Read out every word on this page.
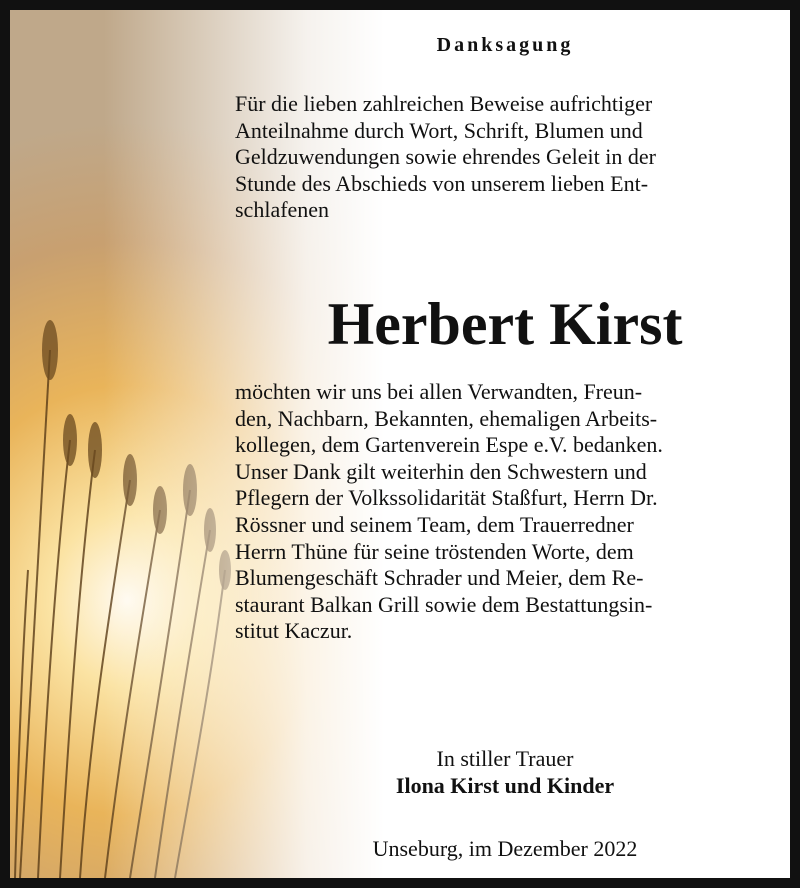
Danksagung
Für die lieben zahlreichen Beweise aufrichtiger
Anteilnahme durch Wort, Schrift, Blumen und
Geldzuwendungen sowie ehrendes Geleit in der
Stunde des Abschieds von unserem lieben Ent-
schlafenen
Herbert Kirst
möchten wir uns bei allen Verwandten, Freun-
den, Nachbarn, Bekannten, ehemaligen Arbeits-
kollegen, dem Gartenverein Espe e.V. bedanken.
Unser Dank gilt weiterhin den Schwestern und
Pflegern der Volkssolidarität Staßfurt, Herrn Dr.
Rössner und seinem Team, dem Trauerredner
Herrn Thüne für seine tröstenden Worte, dem
Blumengeschäft Schrader und Meier, dem Re-
staurant Balkan Grill sowie dem Bestattungsin-
stitut Kaczur.
In stiller Trauer
Ilona Kirst und Kinder
Unseburg, im Dezember 2022
